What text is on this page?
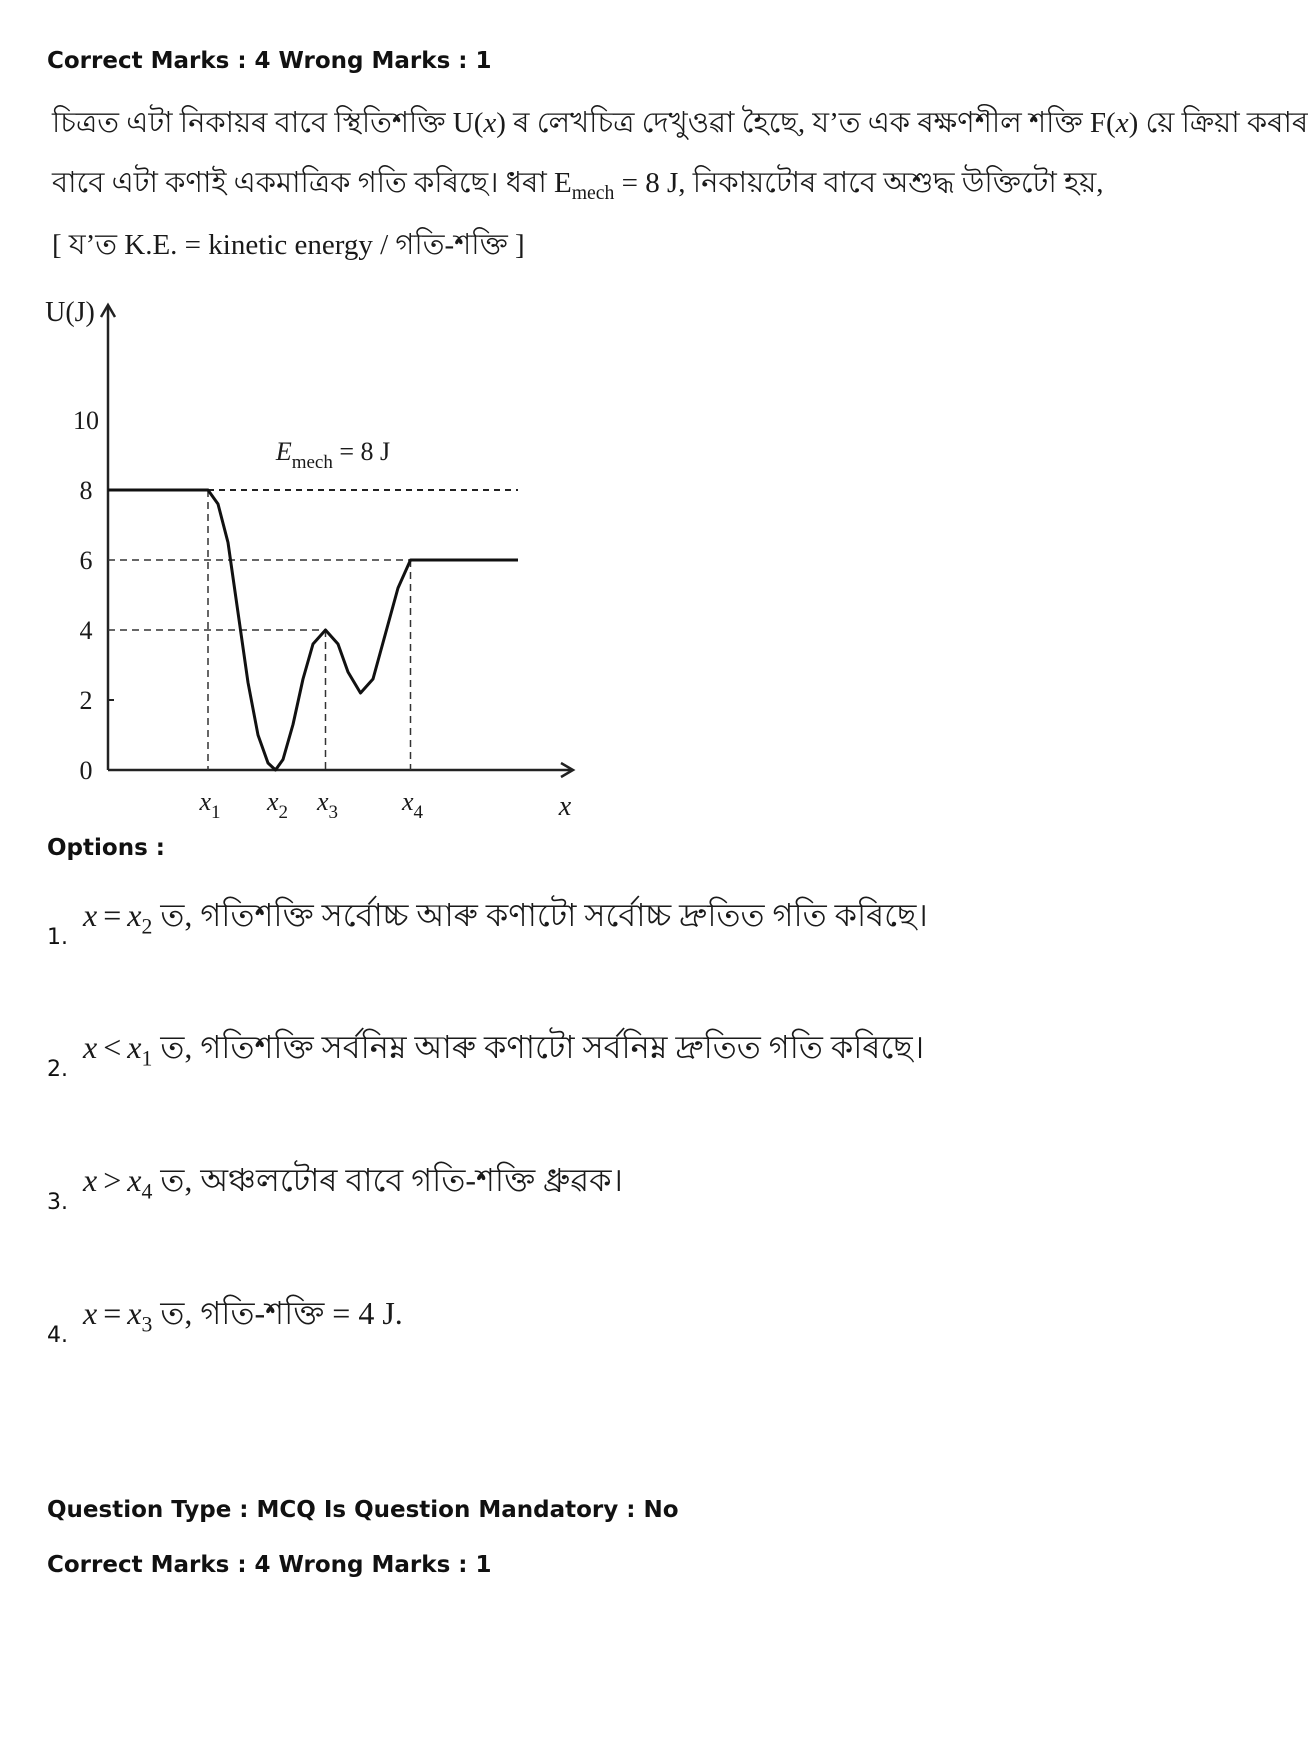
Correct Marks : 4 Wrong Marks : 1
চিত্ৰত এটা নিকায়ৰ বাবে স্থিতিশক্তি U(x) ৰ লেখচিত্ৰ দেখুওৱা হৈছে, য’ত এক ৰক্ষণশীল শক্তি F(x) য়ে ক্ৰিয়া কৰাৰ
বাবে এটা কণাই একমাত্ৰিক গতি কৰিছে। ধৰা $E_{mech} = 8$ J, নিকায়টোৰ বাবে অশুদ্ধ উক্তিটো হয়,
[ য’ত K.E. = kinetic energy / গতি-শক্তি ]
U(J)
x
0
2
4
6
8
10
$x_1$ $x_2$ $x_3$ $x_4$
$E_{mech} = 8$ J
Options :
1.
$x = x_2$ ত, গতিশক্তি সৰ্বোচ্চ আৰু কণাটো সৰ্বোচ্চ দ্ৰুতিত গতি কৰিছে।
2.
$x < x_1$ ত, গতিশক্তি সৰ্বনিম্ন আৰু কণাটো সৰ্বনিম্ন দ্ৰুতিত গতি কৰিছে।
3.
$x > x_4$ ত, অঞ্চলটোৰ বাবে গতি-শক্তি ধ্ৰুৱক।
4.
$x = x_3$ ত, গতি-শক্তি = 4 J.
Question Type : MCQ Is Question Mandatory : No
Correct Marks : 4 Wrong Marks : 1
